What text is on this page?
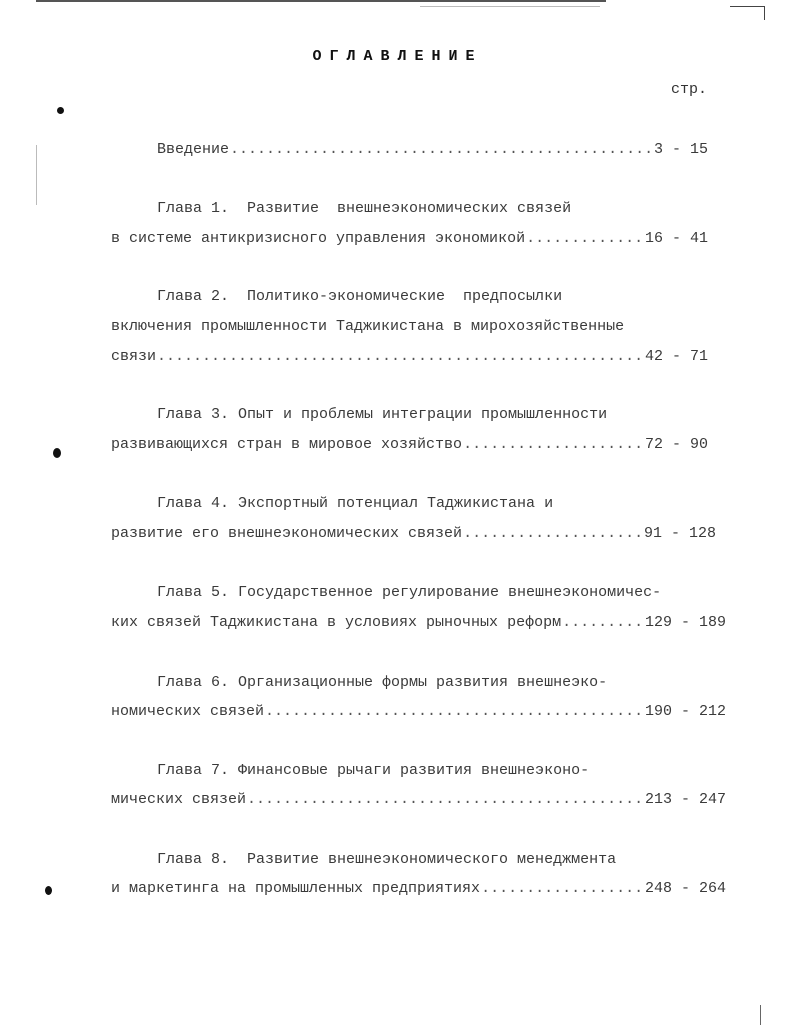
ОГЛАВЛЕНИЕ
стр.
Введение .....	3 - 15
Глава 1.  Развитие  внешнеэкономических связей
в системе антикризисного управления экономикой .....	16 - 41
Глава 2.  Политико-экономические  предпосылки
включения промышленности Таджикистана в мирохозяйственные
связи .....	42 - 71
Глава 3. Опыт и проблемы интеграции промышленности
развивающихся стран в мировое хозяйство .....	72 - 90
Глава 4. Экспортный потенциал Таджикистана и
развитие его внешнеэкономических связей .....	91 - 128
Глава 5. Государственное регулирование внешнеэкономичес-
ких связей Таджикистана в условиях рыночных реформ .....	129 - 189
Глава 6. Организационные формы развития внешнеэко-
номических связей .....	190 - 212
Глава 7. Финансовые рычаги развития внешнеэконо-
мических связей .....	213 - 247
Глава 8.  Развитие внешнеэкономического менеджмента
и маркетинга на промышленных предприятиях .....	248 - 264
